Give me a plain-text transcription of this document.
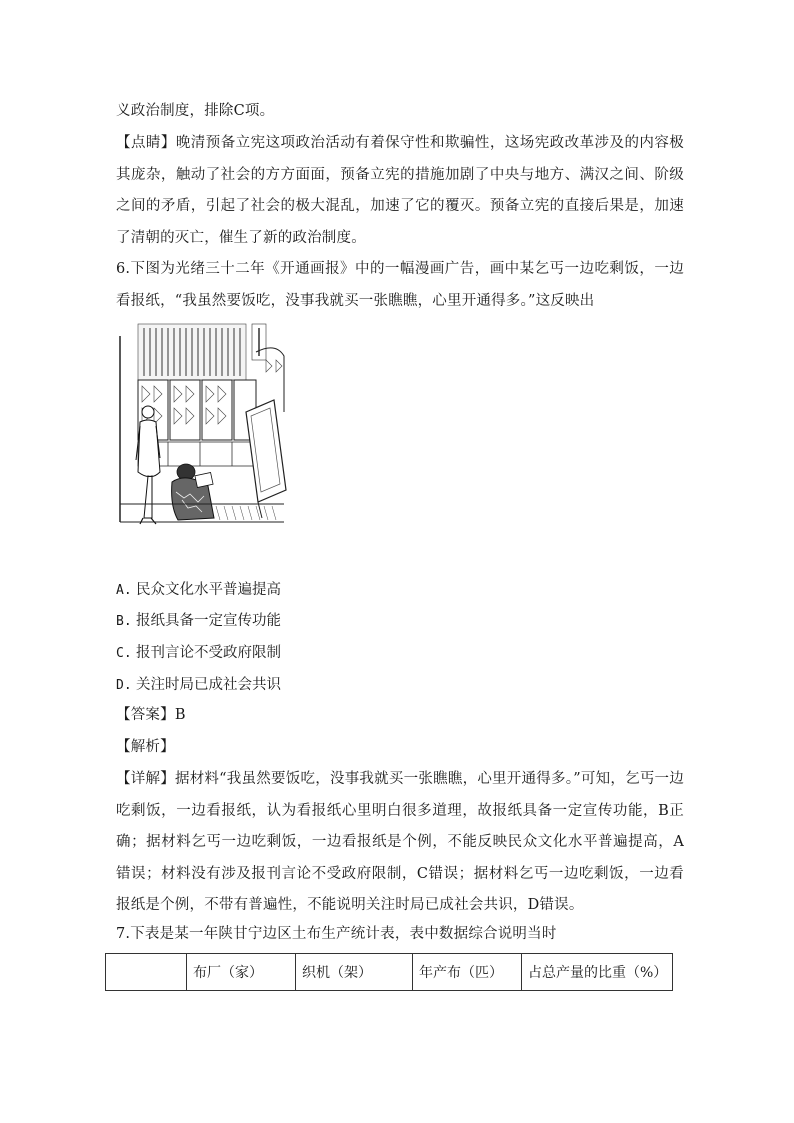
义政治制度，排除C项。

【点睛】晚清预备立宪这项政治活动有着保守性和欺骗性，这场宪政改革涉及的内容极其庞杂，触动了社会的方方面面，预备立宪的措施加剧了中央与地方、满汉之间、阶级之间的矛盾，引起了社会的极大混乱，加速了它的覆灭。预备立宪的直接后果是，加速了清朝的灭亡，催生了新的政治制度。

6.下图为光绪三十二年《开通画报》中的一幅漫画广告，画中某乞丐一边吃剩饭，一边看报纸，“我虽然要饭吃，没事我就买一张瞧瞧，心里开通得多。”这反映出

A. 民众文化水平普遍提高
B. 报纸具备一定宣传功能
C. 报刊言论不受政府限制
D. 关注时局已成社会共识

【答案】B

【解析】

【详解】据材料“我虽然要饭吃，没事我就买一张瞧瞧，心里开通得多。”可知，乞丐一边吃剩饭，一边看报纸，认为看报纸心里明白很多道理，故报纸具备一定宣传功能，B正确；据材料乞丐一边吃剩饭，一边看报纸是个例，不能反映民众文化水平普遍提高，A错误；材料没有涉及报刊言论不受政府限制，C错误；据材料乞丐一边吃剩饭，一边看报纸是个例，不带有普遍性，不能说明关注时局已成社会共识，D错误。

7.下表是某一年陕甘宁边区土布生产统计表，表中数据综合说明当时

	布厂（家）	织机（架）	年产布（匹）	占总产量的比重（%）
